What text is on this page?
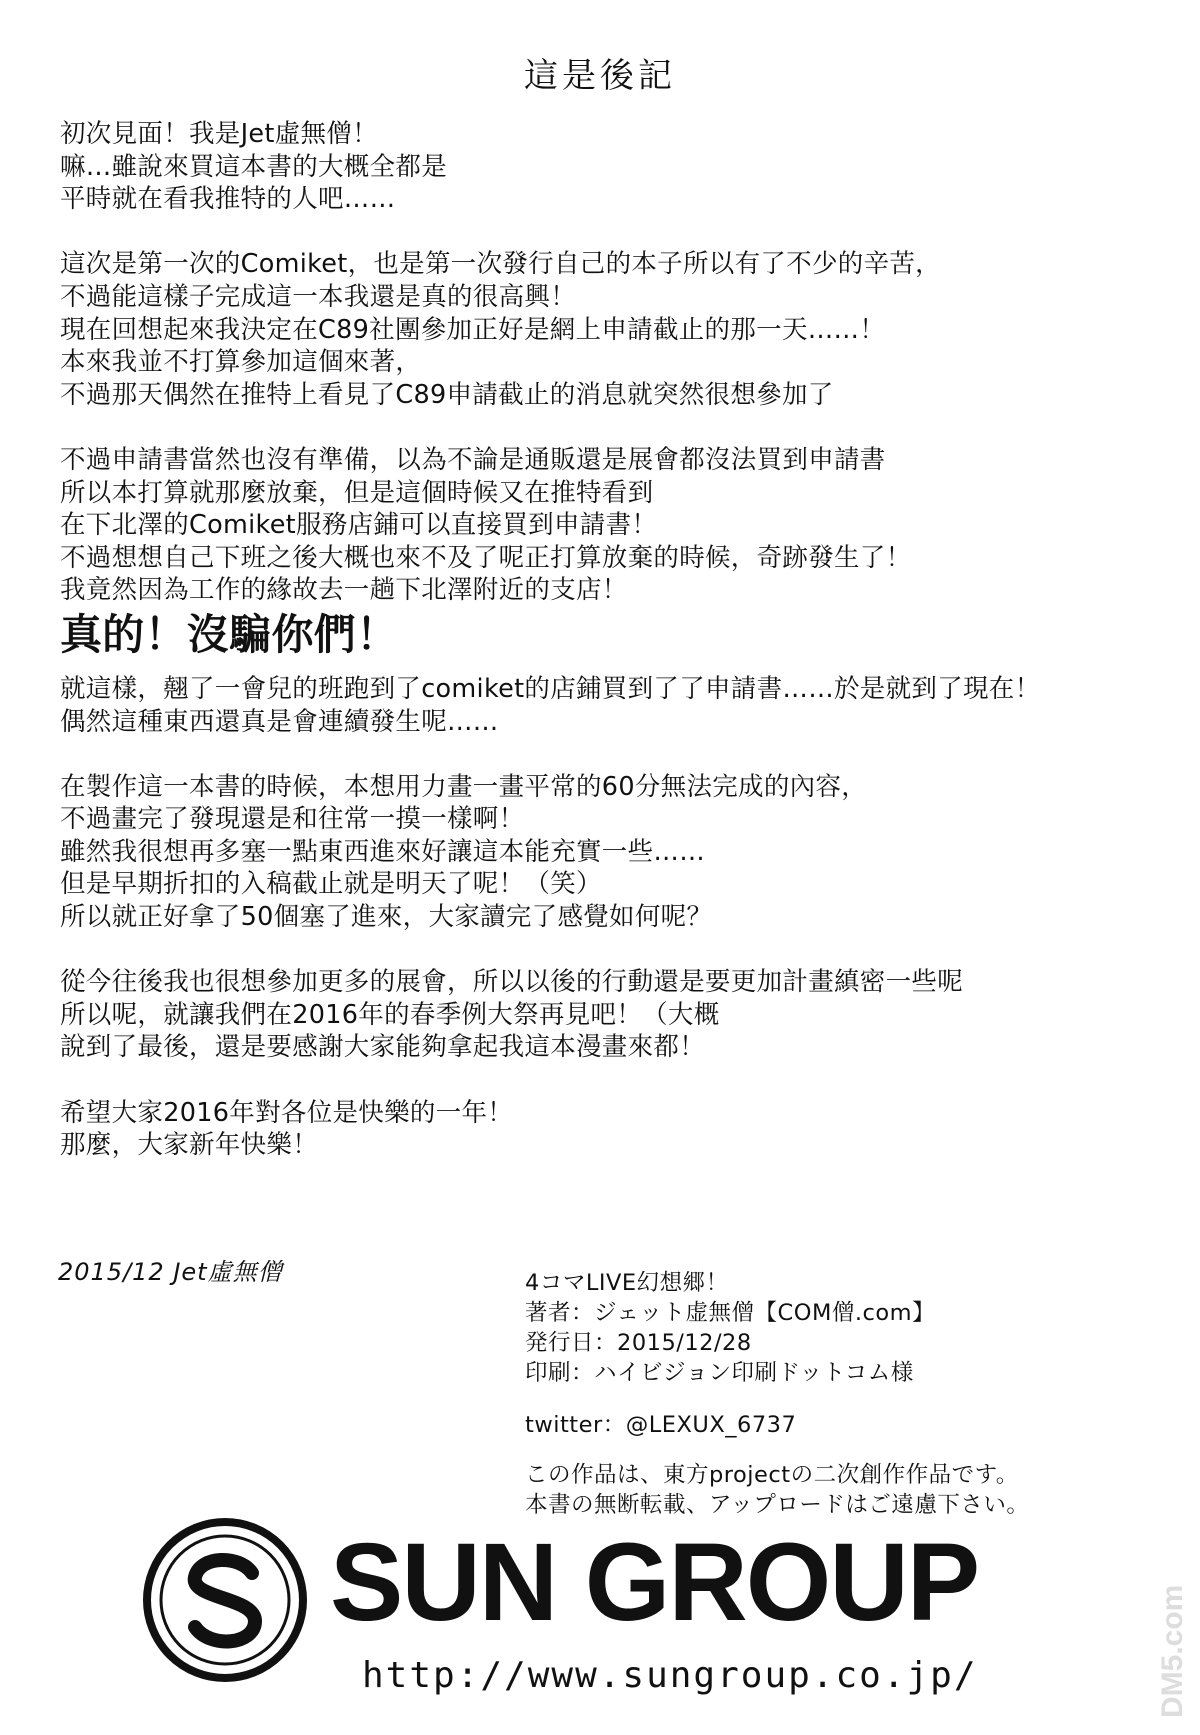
這是後記
初次見面！我是Jet虛無僧！
嘛…雖說來買這本書的大概全都是
平時就在看我推特的人吧……
這次是第一次的Comiket，也是第一次發行自己的本子所以有了不少的辛苦，
不過能這樣子完成這一本我還是真的很高興！
現在回想起來我決定在C89社團參加正好是網上申請截止的那一天……！
本來我並不打算參加這個來著，
不過那天偶然在推特上看見了C89申請截止的消息就突然很想參加了
不過申請書當然也沒有準備，以為不論是通販還是展會都沒法買到申請書
所以本打算就那麼放棄，但是這個時候又在推特看到
在下北澤的Comiket服務店鋪可以直接買到申請書！
不過想想自己下班之後大概也來不及了呢正打算放棄的時候，奇跡發生了！
我竟然因為工作的緣故去一趟下北澤附近的支店！
真的！沒騙你們！
就這樣，翹了一會兒的班跑到了comiket的店鋪買到了了申請書……於是就到了現在！
偶然這種東西還真是會連續發生呢……
在製作這一本書的時候，本想用力畫一畫平常的60分無法完成的內容，
不過畫完了發現還是和往常一摸一樣啊！
雖然我很想再多塞一點東西進來好讓這本能充實一些……
但是早期折扣的入稿截止就是明天了呢！（笑）
所以就正好拿了50個塞了進來，大家讀完了感覺如何呢？
從今往後我也很想參加更多的展會，所以以後的行動還是要更加計畫縝密一些呢
所以呢，就讓我們在2016年的春季例大祭再見吧！（大概
說到了最後，還是要感謝大家能夠拿起我這本漫畫來都！
希望大家2016年對各位是快樂的一年！
那麼，大家新年快樂！
2015/12 Jet虛無僧	4コマLIVE幻想郷！
著者：ジェット虚無僧【COM僧.com】
発行日：2015/12/28
印刷：ハイビジョン印刷ドットコム様
twitter：@LEXUX_6737
この作品は、東方projectの二次創作作品です。
本書の無断転載、アップロードはご遠慮下さい。
SUN GROUP
http://www.sungroup.co.jp/	DM5.com
